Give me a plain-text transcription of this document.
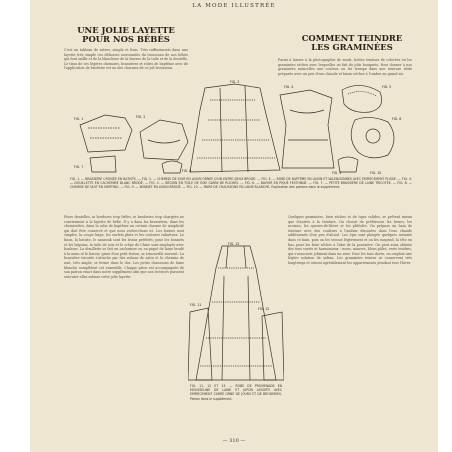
LA MODE ILLUSTRÉE
UNE JOLIE LAYETTE
POUR NOS BÉBÉS
C'est un tableau de mères, simple et frais. Très raffinements dans une layette très simple ces délicates nouveautés du trousseau de nos bébés qui font saillir et de la blancheur de la finesse de la toile et de la dentelle. Le tissu de ces légères chemises, brassières et robes de baptême avec de l'application de broderie est un des charmes de ce joli trousseau.
COMMENT TEINDRE
LES GRAMINÉES
Parmi à laisser à la photographie de mode, bottes tendues de colorées en les graminées sèches avec lesquelles on fait de jolis bouquets. Pour donner à nos graminées naturelles une couleur, on les trempe dans une teinture tiède préparée avec un peu d'eau chaude et laisse sécher à l'ombre au grand air.
FIG. 1	FIG. 2
FIG. 3
FIG. 4	FIG. 5
FIG. 6
FIG. 7
FIG. 8	FIG. 9	FIG. 10
FIG. 1. — BRASSIÈRE CROISÉE EN BATISTE. — FIG. 2. — CHEMISE DE JOUR EN LINON ORNÉE D'UN ENTRE-DEUX BRODÉ. — FIG. 3. — ROBE DE BAPTÊME EN LINON ET VALENCIENNES AVEC EMPIÈCEMENT PLISSÉ. — FIG. 4. — DOUILLETTE EN CACHEMIRE BLANC BRODÉ. — FIG. 5. — BÉGUIN EN TOILE DE SOIE GARNI DE RUCHÉS. — FIG. 6. — BAVOIR EN PIQUÉ FESTONNÉ. — FIG. 7. — PETITE BRASSIÈRE DE LAINE TRICOTÉE. — FIG. 8. — CHEMISE DE NUIT EN SHIRTING. — FIG. 9. — BONNET EN LINON BRODÉ. — FIG. 10. — PAIRE DE CHAUSSONS EN LAINE BLANCHE. Explication des patrons dans le supplément.
Fines dentelles, ni bordures trop frêles, ni broderies trop chargées ne conviennent à la layette de bébé. Il y a dans les brassières, dans les chemisettes, dans la robe de baptême un certain charme de simplicité qui doit être conservé et que nous recherchons ici. Les formes sont simples, la coupe large, les ourlets plats et les coutures rabattues. Le linon, la batiste, le nansouk sont les tissus préférés; pour les bonnets et les béguins, la toile de soie et le crêpe de Chine sont employés avec bonheur. La douillette se fait en cachemire ou en piqué de laine brodé à la main et le bavoir, garni d'un petit feston, se renouvelle souvent. La brassière tricotée s'attache par des rubans de satin et la chemise de nuit, très ample, se ferme dans le dos. Les petits chaussons de laine blanche complètent cet ensemble. Chaque pièce est accompagnée de son patron exact dans notre supplément afin que nos lectrices puissent exécuter elles-mêmes cette jolie layette.
FIG. 11
FIG. 12
FIG. 13
FIG. 11, 12 ET 13. — ROBE DE PROMENADE EN MOUSSELINE DE LAINE ET JUPON ASSORTI AVEC EMPIÈCEMENT CARRÉ ORNÉ DE JOURS ET DE BRODERIES. Patron dans le supplément.
Quelques graminées, bien sèches et de tiges solides, se prêtent mieux que d'autres à la teinture. On choisit de préférence les brizes, les avoines, les queues-de-lièvre et les phléoles. On prépare un bain de teinture avec des couleurs à l'aniline dissoutes dans l'eau chaude additionnée d'un peu d'alcool. Les épis sont plongés quelques instants dans ce bain, puis on les secoue légèrement et on les suspend, la tête en bas, pour les faire sécher à l'abri de la poussière. On peut ainsi obtenir des tons variés et harmonieux : roses, mauves, bleus pâles, verts tendres, qui s'associent joliment dans un vase. Pour les tons dorés, on emploie une légère solution de safran. Les graminées teintes se conservent très longtemps et ornent agréablement les appartements pendant tout l'hiver.
— 310 —
